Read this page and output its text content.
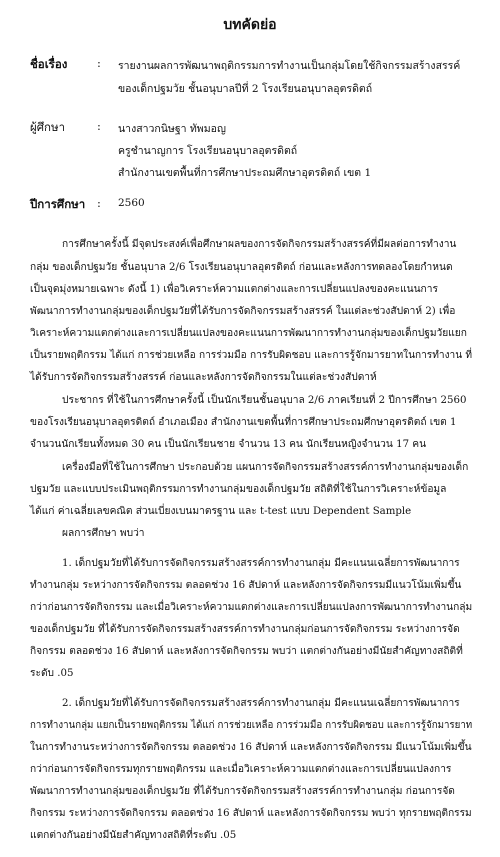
บทคัดย่อ
ชื่อเรื่อง	: รายงานผลการพัฒนาพฤติกรรมการทำงานเป็นกลุ่มโดยใช้กิจกรรมสร้างสรรค์
ของเด็กปฐมวัย ชั้นอนุบาลปีที่ 2 โรงเรียนอนุบาลอุตรดิตถ์
ผู้ศึกษา	: นางสาวกนิษฐา ทัพมอญ
ครูชำนาญการ โรงเรียนอนุบาลอุตรดิตถ์
สำนักงานเขตพื้นที่การศึกษาประถมศึกษาอุตรดิตถ์ เขต 1
ปีการศึกษา : 2560
การศึกษาครั้งนี้ มีจุดประสงค์เพื่อศึกษาผลของการจัดกิจกรรมสร้างสรรค์ที่มีผลต่อการทำงาน
กลุ่ม ของเด็กปฐมวัย ชั้นอนุบาล 2/6 โรงเรียนอนุบาลอุตรดิตถ์ ก่อนและหลังการทดลองโดยกำหนด
เป็นจุดมุ่งหมายเฉพาะ ดังนี้ 1) เพื่อวิเคราะห์ความแตกต่างและการเปลี่ยนแปลงของคะแนนการ
พัฒนาการทำงานกลุ่มของเด็กปฐมวัยที่ได้รับการจัดกิจกรรมสร้างสรรค์ ในแต่ละช่วงสัปดาห์ 2) เพื่อ
วิเคราะห์ความแตกต่างและการเปลี่ยนแปลงของคะแนนการพัฒนาการทำงานกลุ่มของเด็กปฐมวัยแยก
เป็นรายพฤติกรรม ได้แก่ การช่วยเหลือ การร่วมมือ การรับผิดชอบ และการรู้จักมารยาทในการทำงาน ที่
ได้รับการจัดกิจกรรมสร้างสรรค์ ก่อนและหลังการจัดกิจกรรมในแต่ละช่วงสัปดาห์
ประชากร ที่ใช้ในการศึกษาครั้งนี้ เป็นนักเรียนชั้นอนุบาล 2/6 ภาคเรียนที่ 2 ปีการศึกษา 2560
ของโรงเรียนอนุบาลอุตรดิตถ์ อำเภอเมือง สำนักงานเขตพื้นที่การศึกษาประถมศึกษาอุตรดิตถ์ เขต 1
จำนวนนักเรียนทั้งหมด 30 คน เป็นนักเรียนชาย จำนวน 13 คน นักเรียนหญิงจำนวน 17 คน
เครื่องมือที่ใช้ในการศึกษา ประกอบด้วย แผนการจัดกิจกรรมสร้างสรรค์การทำงานกลุ่มของเด็ก
ปฐมวัย และแบบประเมินพฤติกรรมการทำงานกลุ่มของเด็กปฐมวัย สถิติที่ใช้ในการวิเคราะห์ข้อมูล
ได้แก่ ค่าเฉลี่ยเลขคณิต ส่วนเบี่ยงเบนมาตรฐาน และ t-test แบบ Dependent Sample
ผลการศึกษา พบว่า
1. เด็กปฐมวัยที่ได้รับการจัดกิจกรรมสร้างสรรค์การทำงานกลุ่ม มีคะแนนเฉลี่ยการพัฒนาการ
ทำงานกลุ่ม ระหว่างการจัดกิจกรรม ตลอดช่วง 16 สัปดาห์ และหลังการจัดกิจกรรมมีแนวโน้มเพิ่มขึ้น
กว่าก่อนการจัดกิจกรรม และเมื่อวิเคราะห์ความแตกต่างและการเปลี่ยนแปลงการพัฒนาการทำงานกลุ่ม
ของเด็กปฐมวัย ที่ได้รับการจัดกิจกรรมสร้างสรรค์การทำงานกลุ่มก่อนการจัดกิจกรรม ระหว่างการจัด
กิจกรรม ตลอดช่วง 16 สัปดาห์ และหลังการจัดกิจกรรม พบว่า แตกต่างกันอย่างมีนัยสำคัญทางสถิติที่
ระดับ .05
2. เด็กปฐมวัยที่ได้รับการจัดกิจกรรมสร้างสรรค์การทำงานกลุ่ม มีคะแนนเฉลี่ยการพัฒนาการ
การทำงานกลุ่ม แยกเป็นรายพฤติกรรม ได้แก่ การช่วยเหลือ การร่วมมือ การรับผิดชอบ และการรู้จักมารยาท
ในการทำงานระหว่างการจัดกิจกรรม ตลอดช่วง 16 สัปดาห์ และหลังการจัดกิจกรรม มีแนวโน้มเพิ่มขึ้น
กว่าก่อนการจัดกิจกรรมทุกรายพฤติกรรม และเมื่อวิเคราะห์ความแตกต่างและการเปลี่ยนแปลงการ
พัฒนาการทำงานกลุ่มของเด็กปฐมวัย ที่ได้รับการจัดกิจกรรมสร้างสรรค์การทำงานกลุ่ม ก่อนการจัด
กิจกรรม ระหว่างการจัดกิจกรรม ตลอดช่วง 16 สัปดาห์ และหลังการจัดกิจกรรม พบว่า ทุกรายพฤติกรรม
แตกต่างกันอย่างมีนัยสำคัญทางสถิติที่ระดับ .05
